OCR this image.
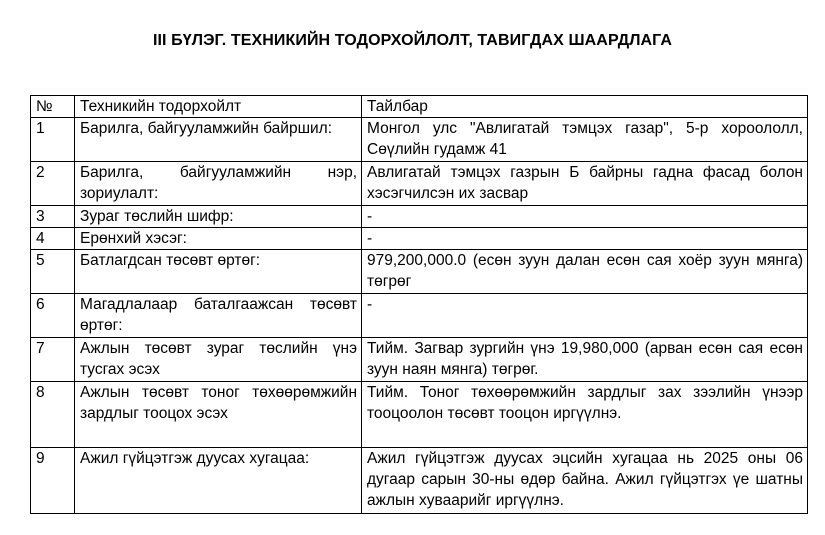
III БҮЛЭГ. ТЕХНИКИЙН ТОДОРХОЙЛОЛТ, ТАВИГДАХ ШААРДЛАГА
№	Техникийн тодорхойлт	Тайлбар
1	Барилга, байгууламжийн байршил:	Монгол улс "Авлигатай тэмцэх газар", 5-р хороололл, Сөүлийн гудамж 41
2	Барилга, байгууламжийн нэр, зориулалт:	Авлигатай тэмцэх газрын Б байрны гадна фасад болон хэсэгчилсэн их засвар
3	Зураг төслийн шифр:	-
4	Ерөнхий хэсэг:	-
5	Батлагдсан төсөвт өртөг:	979,200,000.0 (есөн зуун далан есөн сая хоёр зуун мянга) төгрөг
6	Магадлалаар баталгаажсан төсөвт өртөг:	-
7	Ажлын төсөвт зураг төслийн үнэ тусгах эсэх	Тийм. Загвар зургийн үнэ 19,980,000 (арван есөн сая есөн зуун наян мянга) төгрөг.
8	Ажлын төсөвт тоног төхөөрөмжийн зардлыг тооцох эсэх	Тийм. Тоног төхөөрөмжийн зардлыг зах зээлийн үнээр тооцоолон төсөвт тооцон иргүүлнэ.
9	Ажил гүйцэтгэж дуусах хугацаа:	Ажил гүйцэтгэж дуусах эцсийн хугацаа нь 2025 оны 06 дугаар сарын 30-ны өдөр байна. Ажил гүйцэтгэх үе шатны ажлын хуваарийг иргүүлнэ.
